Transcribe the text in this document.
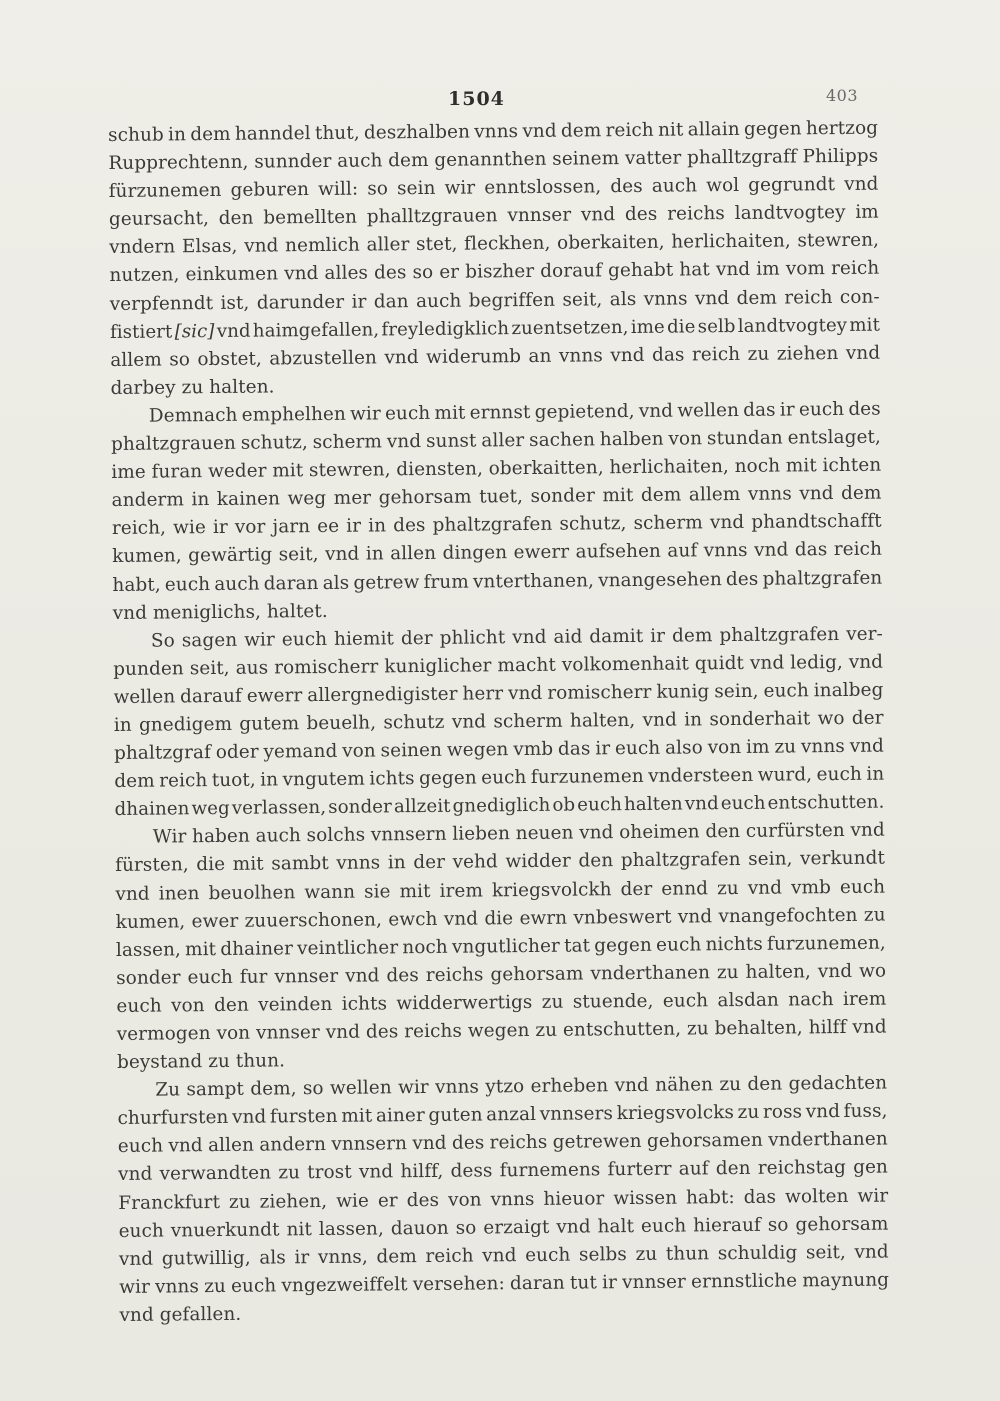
1504	403
schub in dem hanndel thut, deszhalben vnns vnd dem reich nit allain gegen hertzog
Rupprechtenn, sunnder auch dem genannthen seinem vatter phalltzgraff Philipps
fürzunemen geburen will: so sein wir enntslossen, des auch wol gegrundt vnd
geursacht, den bemellten phalltzgrauen vnnser vnd des reichs landtvogtey im
vndern Elsas, vnd nemlich aller stet, fleckhen, oberkaiten, herlichaiten, stewren,
nutzen, einkumen vnd alles des so er biszher dorauf gehabt hat vnd im vom reich
verpfenndt ist, darunder ir dan auch begriffen seit, als vnns vnd dem reich con-
fistiert [sic] vnd haimgefallen, freyledigklich zuentsetzen, ime die selb landtvogtey mit
allem so obstet, abzustellen vnd widerumb an vnns vnd das reich zu ziehen vnd
darbey zu halten.
Demnach emphelhen wir euch mit ernnst gepietend, vnd wellen das ir euch des
phaltzgrauen schutz, scherm vnd sunst aller sachen halben von stundan entslaget,
ime furan weder mit stewren, diensten, oberkaitten, herlichaiten, noch mit ichten
anderm in kainen weg mer gehorsam tuet, sonder mit dem allem vnns vnd dem
reich, wie ir vor jarn ee ir in des phaltzgrafen schutz, scherm vnd phandtschafft
kumen, gewärtig seit, vnd in allen dingen ewerr aufsehen auf vnns vnd das reich
habt, euch auch daran als getrew frum vnterthanen, vnangesehen des phaltzgrafen
vnd meniglichs, haltet.
So sagen wir euch hiemit der phlicht vnd aid damit ir dem phaltzgrafen ver-
punden seit, aus romischerr kuniglicher macht volkomenhait quidt vnd ledig, vnd
wellen darauf ewerr allergnedigister herr vnd romischerr kunig sein, euch inalbeg
in gnedigem gutem beuelh, schutz vnd scherm halten, vnd in sonderhait wo der
phaltzgraf oder yemand von seinen wegen vmb das ir euch also von im zu vnns vnd
dem reich tuot, in vngutem ichts gegen euch furzunemen vndersteen wurd, euch in
dhainen weg verlassen, sonder allzeit gnediglich ob euch halten vnd euch entschutten.
Wir haben auch solchs vnnsern lieben neuen vnd oheimen den curfürsten vnd
fürsten, die mit sambt vnns in der vehd widder den phaltzgrafen sein, verkundt
vnd inen beuolhen wann sie mit irem kriegsvolckh der ennd zu vnd vmb euch
kumen, ewer zuuerschonen, ewch vnd die ewrn vnbeswert vnd vnangefochten zu
lassen, mit dhainer veintlicher noch vngutlicher tat gegen euch nichts furzunemen,
sonder euch fur vnnser vnd des reichs gehorsam vnderthanen zu halten, vnd wo
euch von den veinden ichts widderwertigs zu stuende, euch alsdan nach irem
vermogen von vnnser vnd des reichs wegen zu entschutten, zu behalten, hilff vnd
beystand zu thun.
Zu sampt dem, so wellen wir vnns ytzo erheben vnd nähen zu den gedachten
churfursten vnd fursten mit ainer guten anzal vnnsers kriegsvolcks zu ross vnd fuss,
euch vnd allen andern vnnsern vnd des reichs getrewen gehorsamen vnderthanen
vnd verwandten zu trost vnd hilff, dess furnemens furterr auf den reichstag gen
Franckfurt zu ziehen, wie er des von vnns hieuor wissen habt: das wolten wir
euch vnuerkundt nit lassen, dauon so erzaigt vnd halt euch hierauf so gehorsam
vnd gutwillig, als ir vnns, dem reich vnd euch selbs zu thun schuldig seit, vnd
wir vnns zu euch vngezweiffelt versehen: daran tut ir vnnser ernnstliche maynung
vnd gefallen.
